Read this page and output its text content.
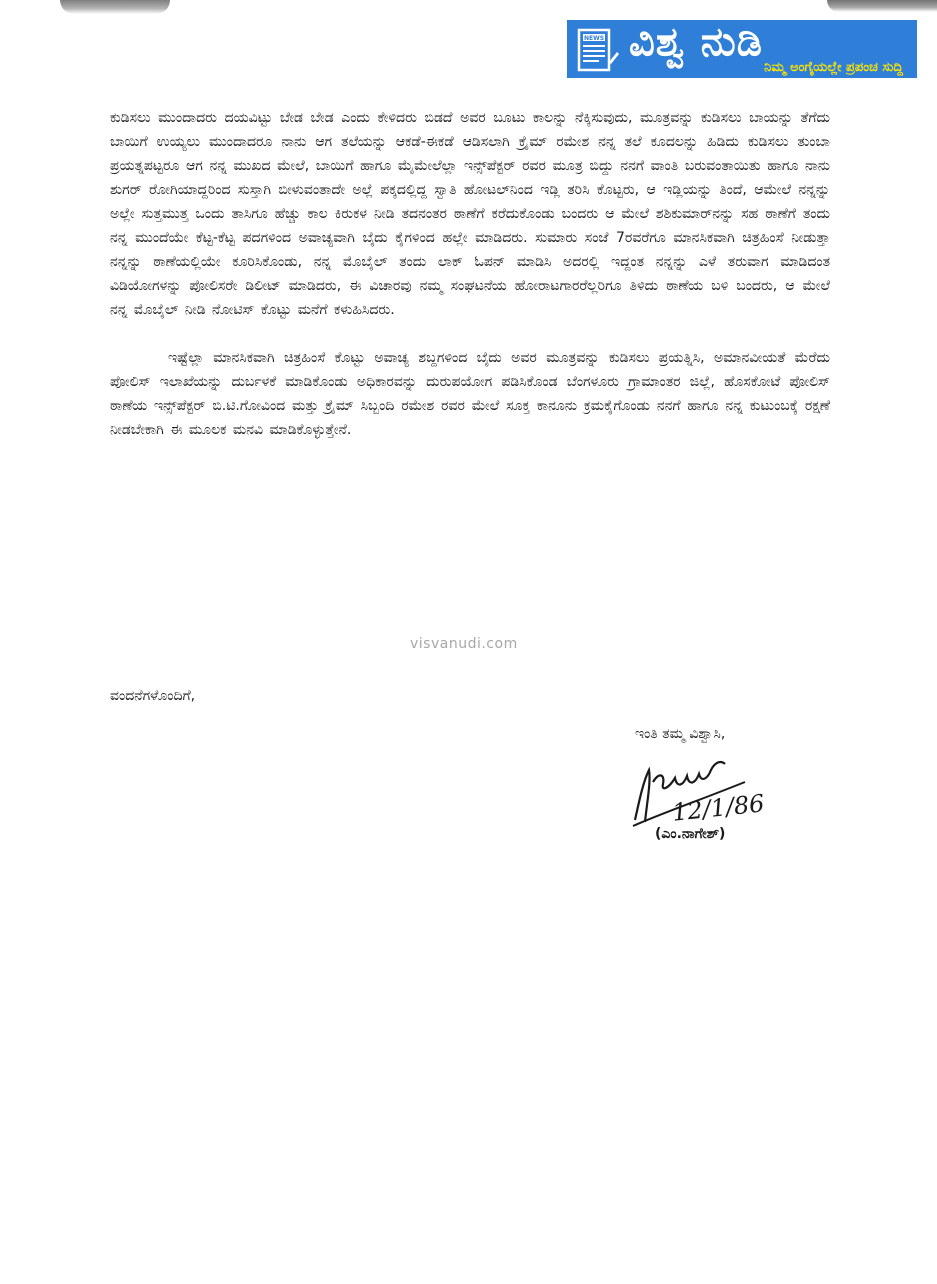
NEWS ವಿಶ್ವ ನುಡಿ
ನಿಮ್ಮ ಅಂಗೈಯಲ್ಲೇ ಪ್ರಪಂಚ ಸುದ್ದಿ

ಕುಡಿಸಲು ಮುಂದಾದರು ದಯವಿಟ್ಟು ಬೇಡ ಬೇಡ ಎಂದು ಕೇಳಿದರು ಬಿಡದೆ ಅವರ ಬೂಟು ಕಾಲನ್ನು ನೆಕ್ಕಿಸುವುದು, ಮೂತ್ರವನ್ನು ಕುಡಿಸಲು ಬಾಯನ್ನು ತೆಗೆದು ಬಾಯಿಗೆ ಉಯ್ಯಲು ಮುಂದಾದರೂ ನಾನು ಆಗ ತಲೆಯನ್ನು ಆಕಡೆ-ಈಕಡೆ ಆಡಿಸಲಾಗಿ ಕ್ರೈಮ್ ರಮೇಶ ನನ್ನ ತಲೆ ಕೂದಲನ್ನು ಹಿಡಿದು ಕುಡಿಸಲು ತುಂಬಾ ಪ್ರಯತ್ನಪಟ್ಟರೂ ಆಗ ನನ್ನ ಮುಖದ ಮೇಲೆ, ಬಾಯಿಗೆ ಹಾಗೂ ಮೈಮೇಲೆಲ್ಲಾ ಇನ್ಸ್‌ಪೆಕ್ಟರ್ ರವರ ಮೂತ್ರ ಬಿದ್ದು ನನಗೆ ವಾಂತಿ ಬರುವಂತಾಯಿತು ಹಾಗೂ ನಾನು ಶುಗರ್ ರೋಗಿಯಾದ್ದರಿಂದ ಸುಸ್ತಾಗಿ ಬೀಳುವಂತಾದೇ ಅಲ್ಲೆ ಪಕ್ಕದಲ್ಲಿದ್ದ ಸ್ವಾತಿ ಹೋಟಲ್‌ನಿಂದ ಇಡ್ಲಿ ತರಿಸಿ ಕೊಟ್ಟರು, ಆ ಇಡ್ಲಿಯನ್ನು ತಿಂದೆ, ಆಮೇಲೆ ನನ್ನನ್ನು ಅಲ್ಲೇ ಸುತ್ತಮುತ್ತ ಒಂದು ತಾಸಿಗೂ ಹೆಚ್ಚು ಕಾಲ ಕಿರುಕಳ ನೀಡಿ ತದನಂತರ ಠಾಣೆಗೆ ಕರೆದುಕೊಂಡು ಬಂದರು ಆ ಮೇಲೆ ಶಶಿಕುಮಾರ್‌ನನ್ನು ಸಹ ಠಾಣೆಗೆ ತಂದು ನನ್ನ ಮುಂದೆಯೇ ಕೆಟ್ಟ-ಕೆಟ್ಟ ಪದಗಳಿಂದ ಅವಾಚ್ಯವಾಗಿ ಬೈದು ಕೈಗಳಿಂದ ಹಲ್ಲೇ ಮಾಡಿದರು. ಸುಮಾರು ಸಂಜೆ 7ರವರೆಗೂ ಮಾನಸಿಕವಾಗಿ ಚಿತ್ರಹಿಂಸೆ ನೀಡುತ್ತಾ ನನ್ನನ್ನು ಠಾಣೆಯಲ್ಲಿಯೇ ಕೂರಿಸಿಕೊಂಡು, ನನ್ನ ಮೊಬೈಲ್ ತಂದು ಲಾಕ್ ಓಪನ್ ಮಾಡಿಸಿ ಅದರಲ್ಲಿ ಇದ್ದಂತ ನನ್ನನ್ನು ಎಳೆ ತರುವಾಗ ಮಾಡಿದಂತ ವಿಡಿಯೋಗಳನ್ನು ಪೋಲಿಸರೇ ಡಿಲೀಟ್ ಮಾಡಿದರು, ಈ ವಿಚಾರವು ನಮ್ಮ ಸಂಘಟನೆಯ ಹೋರಾಟಗಾರರೆಲ್ಲರಿಗೂ ತಿಳಿದು ಠಾಣೆಯ ಬಳಿ ಬಂದರು, ಆ ಮೇಲೆ ನನ್ನ ಮೊಬೈಲ್ ನೀಡಿ ನೋಟಿಸ್ ಕೊಟ್ಟು ಮನೆಗೆ ಕಳುಹಿಸಿದರು.

ಇಷ್ಟೆಲ್ಲಾ ಮಾನಸಿಕವಾಗಿ ಚಿತ್ರಹಿಂಸೆ ಕೊಟ್ಟು ಅವಾಚ್ಯ ಶಬ್ದಗಳಿಂದ ಬೈದು ಅವರ ಮೂತ್ರವನ್ನು ಕುಡಿಸಲು ಪ್ರಯತ್ನಿಸಿ, ಅಮಾನವೀಯತೆ ಮೆರೆದು ಪೋಲಿಸ್ ಇಲಾಖೆಯನ್ನು ದುರ್ಬಳಕೆ ಮಾಡಿಕೊಂಡು ಅಧಿಕಾರವನ್ನು ದುರುಪಯೋಗ ಪಡಿಸಿಕೊಂಡ ಬೆಂಗಳೂರು ಗ್ರಾಮಾಂತರ ಜಿಲ್ಲೆ, ಹೊಸಕೋಟೆ ಪೋಲಿಸ್ ಠಾಣೆಯ ಇನ್ಸ್‌ಪೆಕ್ಟರ್ ಬಿ.ಟಿ.ಗೋವಿಂದ ಮತ್ತು ಕ್ರೈಮ್ ಸಿಬ್ಬಂದಿ ರಮೇಶ ರವರ ಮೇಲೆ ಸೂಕ್ತ ಕಾನೂನು ಕ್ರಮಕೈಗೊಂಡು ನನಗೆ ಹಾಗೂ ನನ್ನ ಕುಟುಂಬಕ್ಕೆ ರಕ್ಷಣೆ ನೀಡಬೇಕಾಗಿ ಈ ಮೂಲಕ ಮನವಿ ಮಾಡಿಕೊಳ್ಳುತ್ತೇನೆ.

visvanudi.com
ವಂದನೆಗಳೊಂದಿಗೆ,
ಇಂತಿ ತಮ್ಮ ವಿಶ್ವಾಸಿ,
12/1/86
(ಎಂ.ನಾಗೇಶ್)
